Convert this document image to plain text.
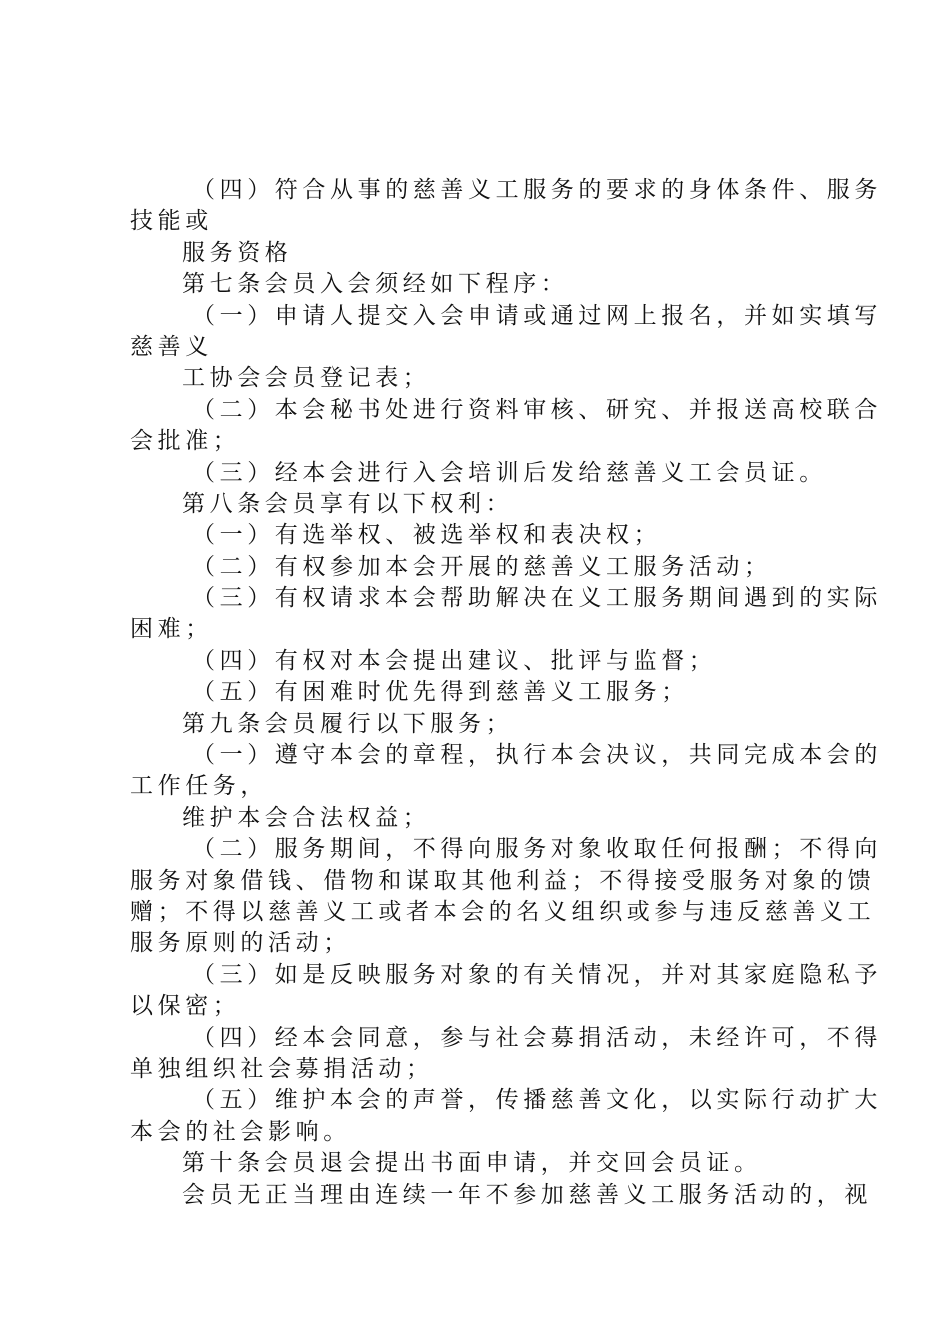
（四）符合从事的慈善义工服务的要求的身体条件、服务
技能或
服务资格
第七条会员入会须经如下程序：
（一）申请人提交入会申请或通过网上报名，并如实填写
慈善义
工协会会员登记表；
（二）本会秘书处进行资料审核、研究、并报送高校联合
会批准；
（三）经本会进行入会培训后发给慈善义工会员证。
第八条会员享有以下权利：
（一）有选举权、被选举权和表决权；
（二）有权参加本会开展的慈善义工服务活动；
（三）有权请求本会帮助解决在义工服务期间遇到的实际
困难；
（四）有权对本会提出建议、批评与监督；
（五）有困难时优先得到慈善义工服务；
第九条会员履行以下服务；
（一）遵守本会的章程，执行本会决议，共同完成本会的
工作任务，
维护本会合法权益；
（二）服务期间，不得向服务对象收取任何报酬；不得向
服务对象借钱、借物和谋取其他利益；不得接受服务对象的馈
赠；不得以慈善义工或者本会的名义组织或参与违反慈善义工
服务原则的活动；
（三）如是反映服务对象的有关情况，并对其家庭隐私予
以保密；
（四）经本会同意，参与社会募捐活动，未经许可，不得
单独组织社会募捐活动；
（五）维护本会的声誉，传播慈善文化，以实际行动扩大
本会的社会影响。
第十条会员退会提出书面申请，并交回会员证。
会员无正当理由连续一年不参加慈善义工服务活动的，视
